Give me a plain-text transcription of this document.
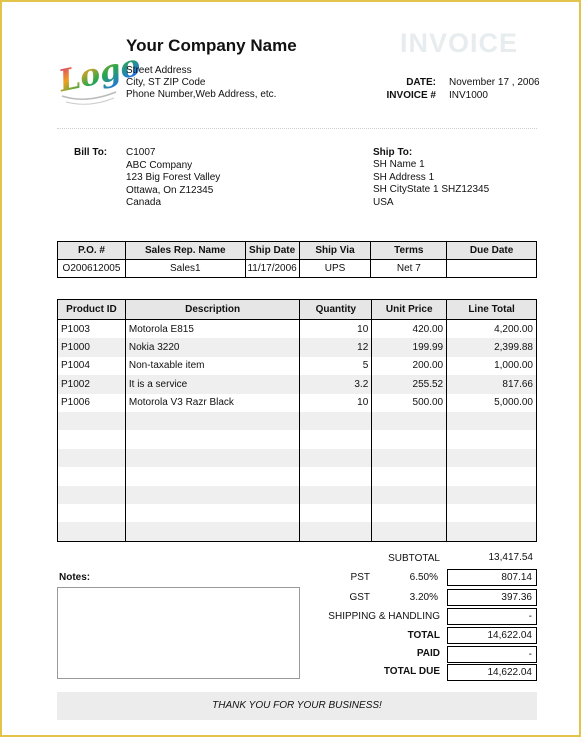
Logo
Your Company Name
Street Address
City, ST ZIP Code
Phone Number,Web Address, etc.
INVOICE
DATE: November 17 , 2006
INVOICE # INV1000
Bill To: C1007
ABC Company
123 Big Forest Valley
Ottawa, On Z12345
Canada
Ship To:
SH Name 1
SH Address 1
SH CityState 1 SHZ12345
USA
P.O. #	Sales Rep. Name	Ship Date	Ship Via	Terms	Due Date
O200612005	Sales1	11/17/2006	UPS	Net 7	
Product ID	Description	Quantity	Unit Price	Line Total
P1003	Motorola E815	10	420.00	4,200.00
P1000	Nokia 3220	12	199.99	2,399.88
P1004	Non-taxable item	5	200.00	1,000.00
P1002	It is a service	3.2	255.52	817.66
P1006	Motorola V3 Razr Black	10	500.00	5,000.00

Notes:
SUBTOTAL	13,417.54
PST	6.50%	807.14
GST	3.20%	397.36
SHIPPING & HANDLING	-
TOTAL	14,622.04
PAID	-
TOTAL DUE	14,622.04
THANK YOU FOR YOUR BUSINESS!
